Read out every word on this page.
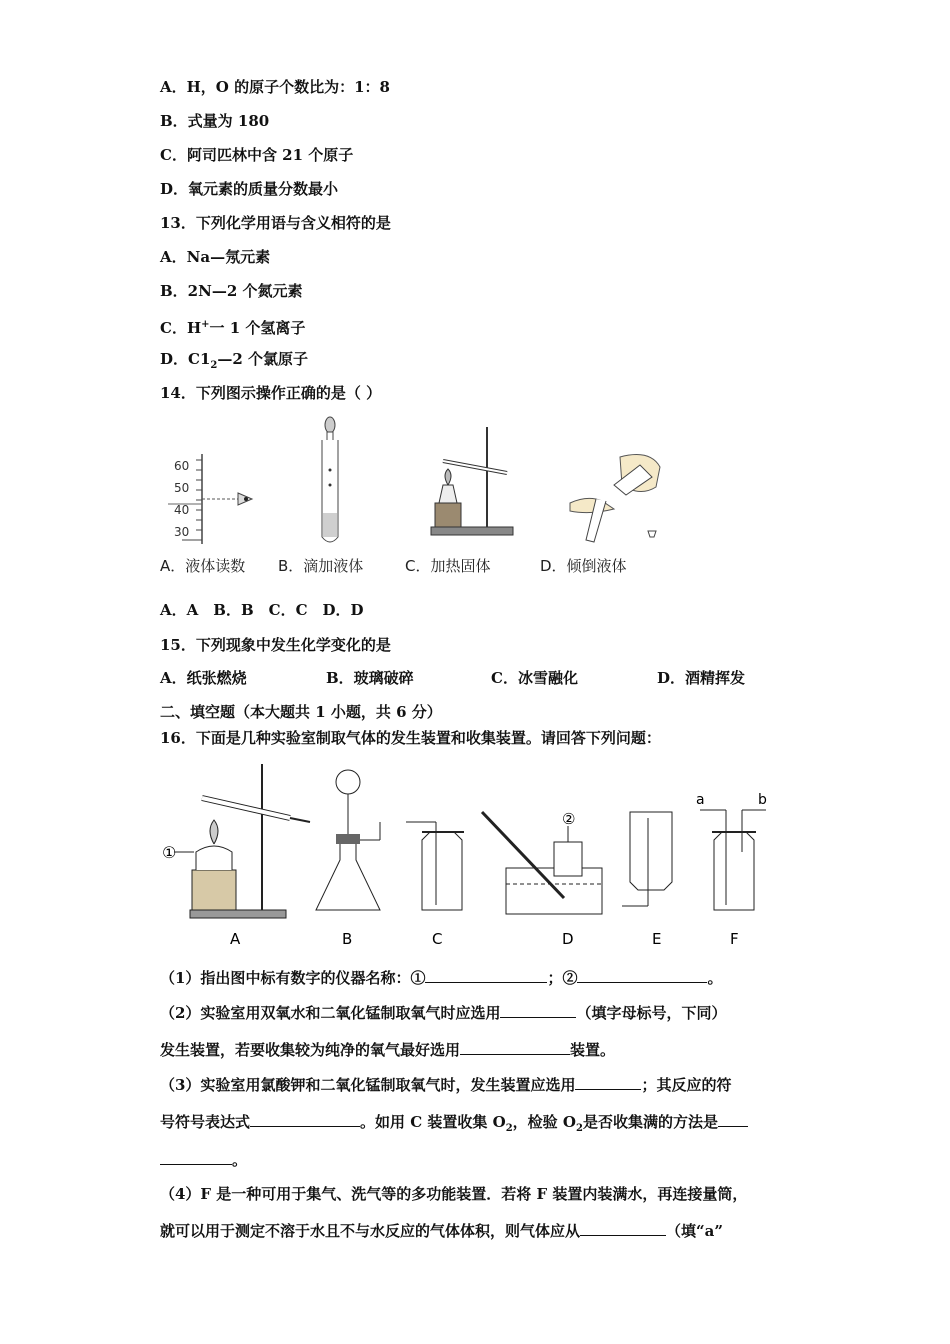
A．H，O 的原子个数比为：1：8
B．式量为 180
C．阿司匹林中含 21 个原子
D．氧元素的质量分数最小
13．下列化学用语与含义相符的是
A．Na—氖元素
B．2N—2 个氮元素
C．H+一 1 个氢离子
D．$C1_2—2$ 个氯原子
14．下列图示操作正确的是（ ）
60
50
40
30
A．液体读数 B．滴加液体	C．加热固体	D．倾倒液体
A．A　B．B　C．C　D．D
15．下列现象中发生化学变化的是
A．纸张燃烧	B．玻璃破碎	C．冰雪融化	D．酒精挥发
二、填空题（本大题共 1 小题，共 6 分）
16．下面是几种实验室制取气体的发生装置和收集装置。请回答下列问题：
①
②
a	b
A	B	C	D	E	F
（1）指出图中标有数字的仪器名称：①	；②	。
（2）实验室用双氧水和二氧化锰制取氧气时应选用	（填字母标号，下同）
发生装置，若要收集较为纯净的氧气最好选用	装置。
（3）实验室用氯酸钾和二氧化锰制取氧气时，发生装置应选用	；其反应的符
号符号表达式	。如用 C 装置收集 $O_2$，检验 $O_2$是否收集满的方法是
。
（4）F 是一种可用于集气、洗气等的多功能装置．若将 F 装置内装满水，再连接量筒，
就可以用于测定不溶于水且不与水反应的气体体积，则气体应从	（填“a”
